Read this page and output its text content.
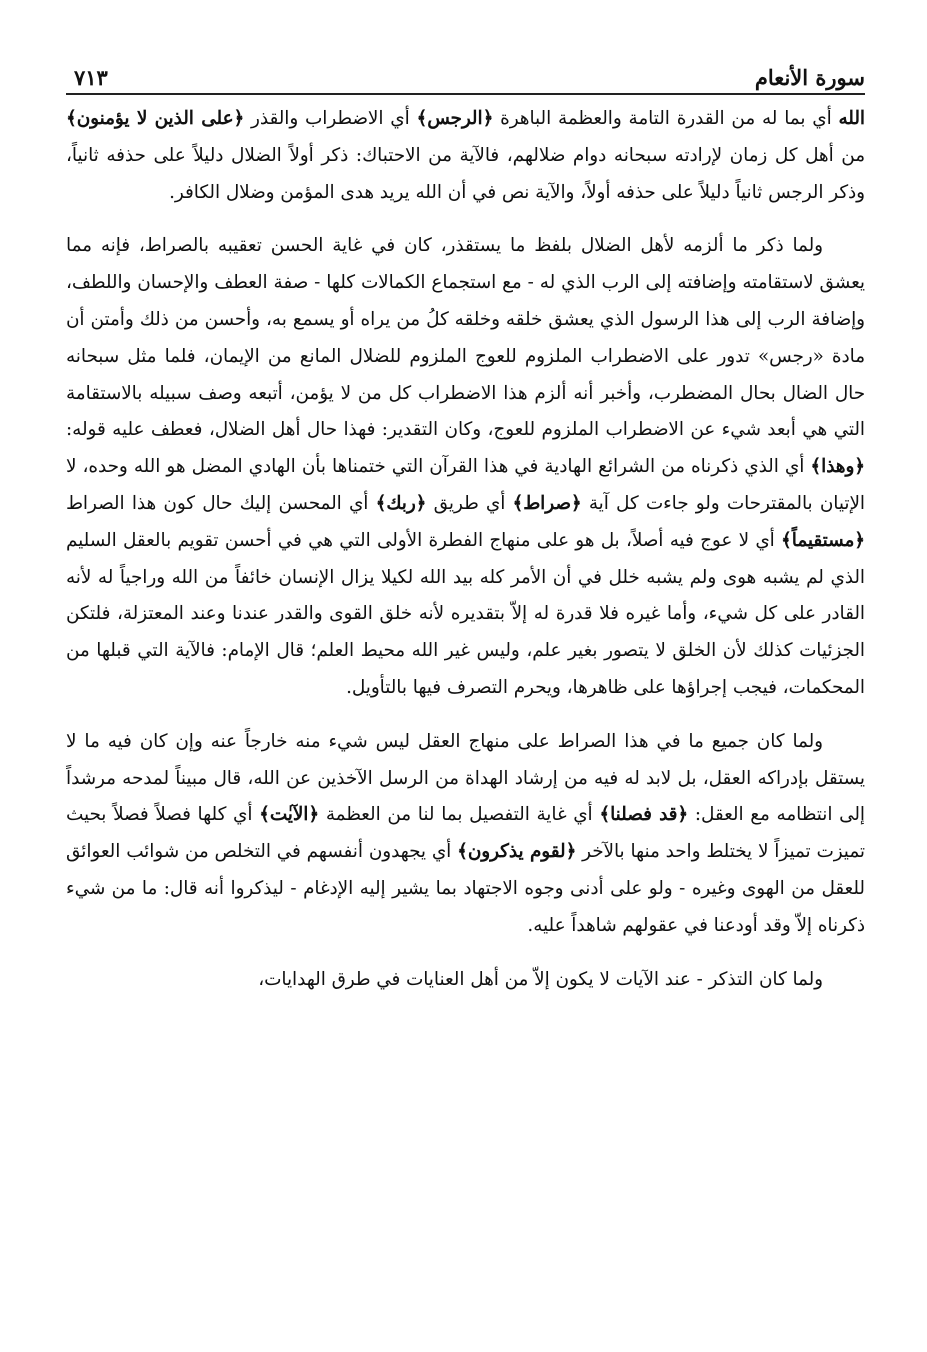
سورة الأنعام
٧١٣

الله أي بما له من القدرة التامة والعظمة الباهرة ﴿الرجس﴾ أي الاضطراب والقذر ﴿على الذين لا يؤمنون﴾ من أهل كل زمان لإرادته سبحانه دوام ضلالهم، فالآية من الاحتباك: ذكر أولاً الضلال دليلاً على حذفه ثانياً، وذكر الرجس ثانياً دليلاً على حذفه أولاً، والآية نص في أن الله يريد هدى المؤمن وضلال الكافر.

ولما ذكر ما ألزمه لأهل الضلال بلفظ ما يستقذر، كان في غاية الحسن تعقيبه بالصراط، فإنه مما يعشق لاستقامته وإضافته إلى الرب الذي له - مع استجماع الكمالات كلها - صفة العطف والإحسان واللطف، وإضافة الرب إلى هذا الرسول الذي يعشق خلقه وخلقه كلُ من يراه أو يسمع به، وأحسن من ذلك وأمتن أن مادة «رجس» تدور على الاضطراب الملزوم للعوج الملزوم للضلال المانع من الإيمان، فلما مثل سبحانه حال الضال بحال المضطرب، وأخبر أنه ألزم هذا الاضطراب كل من لا يؤمن، أتبعه وصف سبيله بالاستقامة التي هي أبعد شيء عن الاضطراب الملزوم للعوج، وكان التقدير: فهذا حال أهل الضلال، فعطف عليه قوله: ﴿وهذا﴾ أي الذي ذكرناه من الشرائع الهادية في هذا القرآن التي ختمناها بأن الهادي المضل هو الله وحده، لا الإتيان بالمقترحات ولو جاءت كل آية ﴿صراط﴾ أي طريق ﴿ربك﴾ أي المحسن إليك حال كون هذا الصراط ﴿مستقيماً﴾ أي لا عوج فيه أصلاً، بل هو على منهاج الفطرة الأولى التي هي في أحسن تقويم بالعقل السليم الذي لم يشبه هوى ولم يشبه خلل في أن الأمر كله بيد الله لكيلا يزال الإنسان خائفاً من الله وراجياً له لأنه القادر على كل شيء، وأما غيره فلا قدرة له إلاّ بتقديره لأنه خلق القوى والقدر عندنا وعند المعتزلة، فلتكن الجزئيات كذلك لأن الخلق لا يتصور بغير علم، وليس غير الله محيط العلم؛ قال الإمام: فالآية التي قبلها من المحكمات، فيجب إجراؤها على ظاهرها، ويحرم التصرف فيها بالتأويل.

ولما كان جميع ما في هذا الصراط على منهاج العقل ليس شيء منه خارجاً عنه وإن كان فيه ما لا يستقل بإدراكه العقل، بل لابد له فيه من إرشاد الهداة من الرسل الآخذين عن الله، قال مبيناً لمدحه مرشداً إلى انتظامه مع العقل: ﴿قد فصلنا﴾ أي غاية التفصيل بما لنا من العظمة ﴿الآيٰت﴾ أي كلها فصلاً فصلاً بحيث تميزت تميزاً لا يختلط واحد منها بالآخر ﴿لقوم يذكرون﴾ أي يجهدون أنفسهم في التخلص من شوائب العوائق للعقل من الهوى وغيره - ولو على أدنى وجوه الاجتهاد بما يشير إليه الإدغام - ليذكروا أنه قال: ما من شيء ذكرناه إلاّ وقد أودعنا في عقولهم شاهداً عليه.

ولما كان التذكر - عند الآيات لا يكون إلاّ من أهل العنايات في طرق الهدايات،
